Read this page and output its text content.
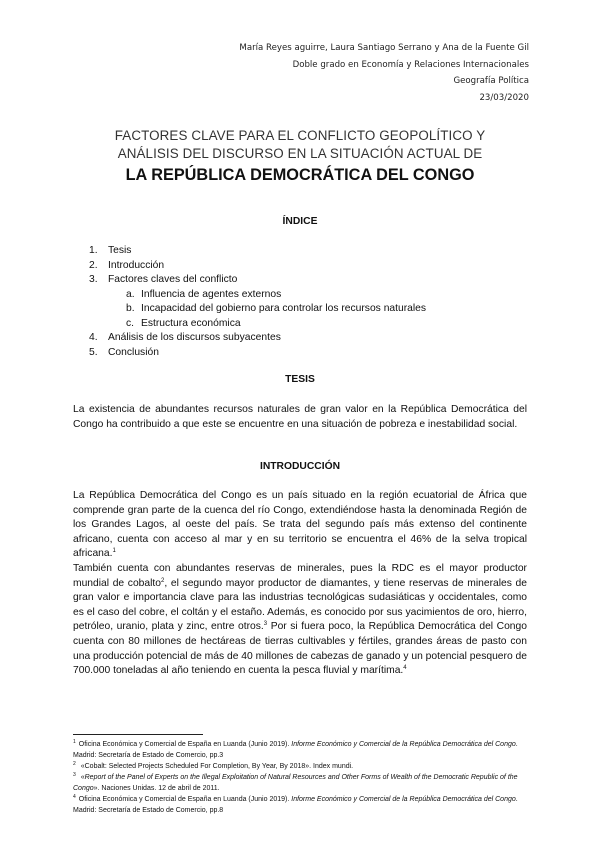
María Reyes aguirre, Laura Santiago Serrano y Ana de la Fuente Gil
Doble grado en Economía y Relaciones Internacionales
Geografía Política
23/03/2020
FACTORES CLAVE PARA EL CONFLICTO GEOPOLÍTICO Y
ANÁLISIS DEL DISCURSO EN LA SITUACIÓN ACTUAL DE
LA REPÚBLICA DEMOCRÁTICA DEL CONGO
ÍNDICE
1. Tesis
2. Introducción
3. Factores claves del conflicto
a. Influencia de agentes externos
b. Incapacidad del gobierno para controlar los recursos naturales
c. Estructura económica
4. Análisis de los discursos subyacentes
5. Conclusión
TESIS

La existencia de abundantes recursos naturales de gran valor en la República Democrática del Congo ha contribuido a que este se encuentre en una situación de pobreza e inestabilidad social.

INTRODUCCIÓN

La República Democrática del Congo es un país situado en la región ecuatorial de África que comprende gran parte de la cuenca del río Congo, extendiéndose hasta la denominada Región de los Grandes Lagos, al oeste del país. Se trata del segundo país más extenso del continente africano, cuenta con acceso al mar y en su territorio se encuentra el 46% de la selva tropical africana.$^1$

También cuenta con abundantes reservas de minerales, pues la RDC es el mayor productor mundial de cobalto$^2$, el segundo mayor productor de diamantes, y tiene reservas de minerales de gran valor e importancia clave para las industrias tecnológicas sudasiáticas y occidentales, como es el caso del cobre, el coltán y el estaño. Además, es conocido por sus yacimientos de oro, hierro, petróleo, uranio, plata y zinc, entre otros.$^3$ Por si fuera poco, la República Democrática del Congo cuenta con 80 millones de hectáreas de tierras cultivables y fértiles, grandes áreas de pasto con una producción potencial de más de 40 millones de cabezas de ganado y un potencial pesquero de 700.000 toneladas al año teniendo en cuenta la pesca fluvial y marítima.$^4$

$^1$ Oficina Económica y Comercial de España en Luanda (Junio 2019). Informe Económico y Comercial de la República Democrática del Congo. Madrid: Secretaría de Estado de Comercio, pp.3

$^2$ «Cobalt: Selected Projects Scheduled For Completion, By Year, By 2018». Index mundi.

$^3$ «Report of the Panel of Experts on the Illegal Exploitation of Natural Resources and Other Forms of Wealth of the Democratic Republic of the Congo». Naciones Unidas. 12 de abril de 2011.

$^4$ Oficina Económica y Comercial de España en Luanda (Junio 2019). Informe Económico y Comercial de la República Democrática del Congo. Madrid: Secretaría de Estado de Comercio, pp.8
